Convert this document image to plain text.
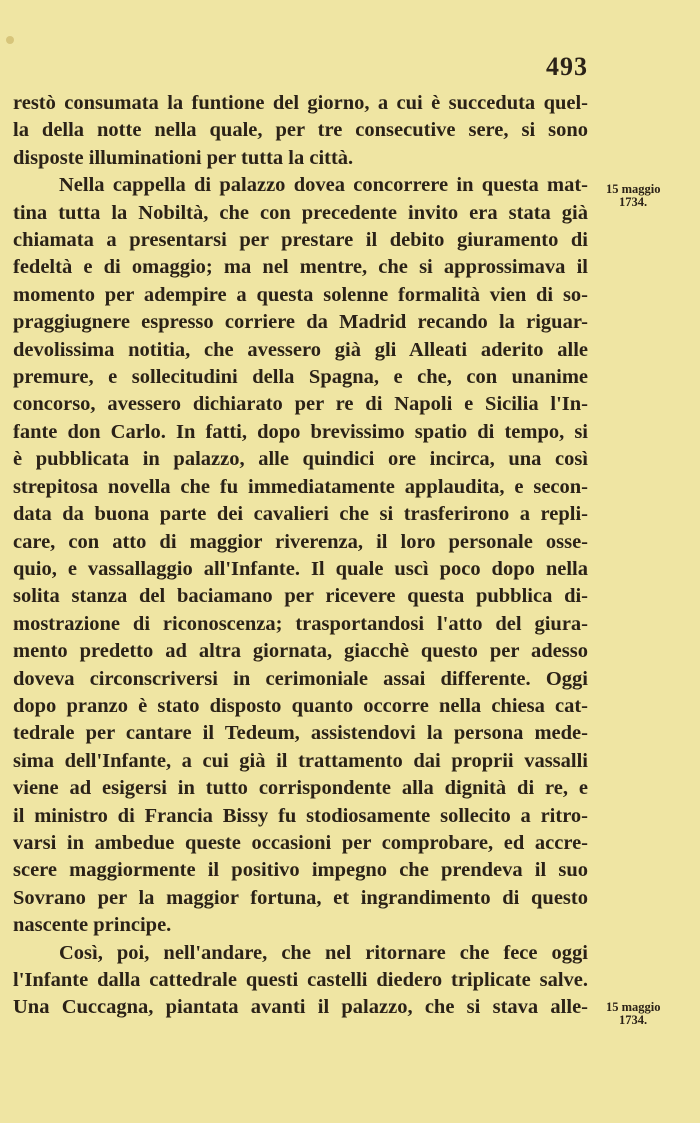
493
15 maggio
1734.
15 maggio
1734.
restò consumata la funtione del giorno, a cui è succeduta quel-
la della notte nella quale, per tre consecutive sere, si sono
disposte illuminationi per tutta la città.
Nella cappella di palazzo dovea concorrere in questa mat-
tina tutta la Nobiltà, che con precedente invito era stata già
chiamata a presentarsi per prestare il debito giuramento di
fedeltà e di omaggio; ma nel mentre, che si approssimava il
momento per adempire a questa solenne formalità vien di so-
praggiugnere espresso corriere da Madrid recando la riguar-
devolissima notitia, che avessero già gli Alleati aderito alle
premure, e sollecitudini della Spagna, e che, con unanime
concorso, avessero dichiarato per re di Napoli e Sicilia l'In-
fante don Carlo. In fatti, dopo brevissimo spatio di tempo, si
è pubblicata in palazzo, alle quindici ore incirca, una così
strepitosa novella che fu immediatamente applaudita, e secon-
data da buona parte dei cavalieri che si trasferirono a repli-
care, con atto di maggior riverenza, il loro personale osse-
quio, e vassallaggio all'Infante. Il quale uscì poco dopo nella
solita stanza del baciamano per ricevere questa pubblica di-
mostrazione di riconoscenza; trasportandosi l'atto del giura-
mento predetto ad altra giornata, giacchè questo per adesso
doveva circonscriversi in cerimoniale assai differente. Oggi
dopo pranzo è stato disposto quanto occorre nella chiesa cat-
tedrale per cantare il Tedeum, assistendovi la persona mede-
sima dell'Infante, a cui già il trattamento dai proprii vassalli
viene ad esigersi in tutto corrispondente alla dignità di re, e
il ministro di Francia Bissy fu stodiosamente sollecito a ritro-
varsi in ambedue queste occasioni per comprobare, ed accre-
scere maggiormente il positivo impegno che prendeva il suo
Sovrano per la maggior fortuna, et ingrandimento di questo
nascente principe.
Così, poi, nell'andare, che nel ritornare che fece oggi
l'Infante dalla cattedrale questi castelli diedero triplicate salve.
Una Cuccagna, piantata avanti il palazzo, che si stava alle-
